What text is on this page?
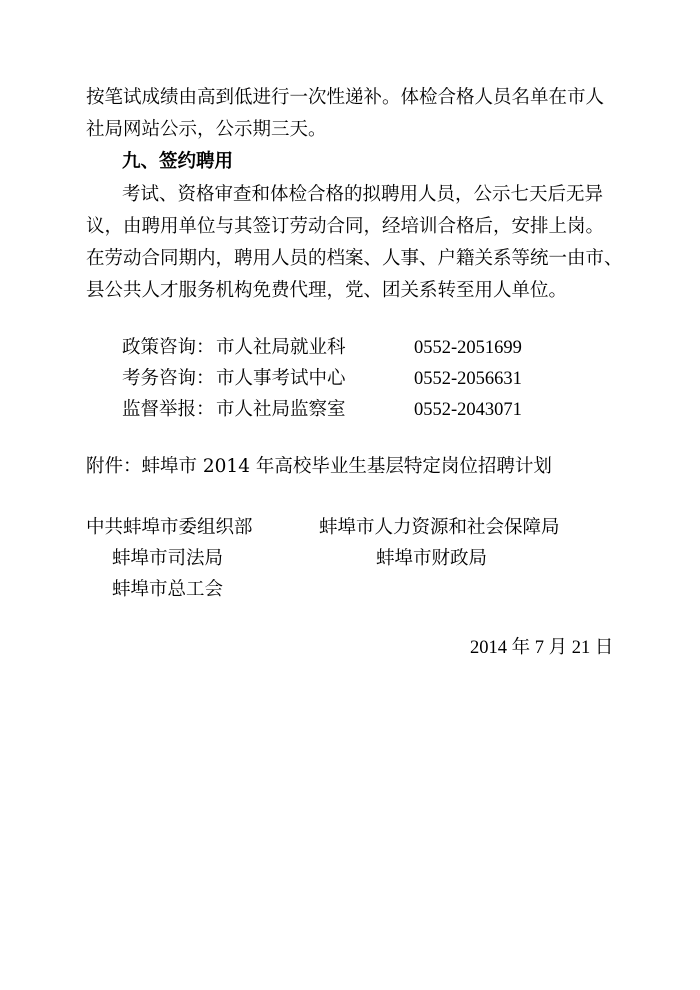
按笔试成绩由高到低进行一次性递补。体检合格人员名单在市人
社局网站公示，公示期三天。
九、签约聘用
考试、资格审查和体检合格的拟聘用人员，公示七天后无异
议，由聘用单位与其签订劳动合同，经培训合格后，安排上岗。
在劳动合同期内，聘用人员的档案、人事、户籍关系等统一由市、
县公共人才服务机构免费代理，党、团关系转至用人单位。
政策咨询： 市人社局就业科	0552-2051699
考务咨询： 市人事考试中心	0552-2056631
监督举报： 市人社局监察室	0552-2043071
附件：蚌埠市 2014 年高校毕业生基层特定岗位招聘计划
中共蚌埠市委组织部	蚌埠市人力资源和社会保障局
蚌埠市司法局	蚌埠市财政局
蚌埠市总工会
2014 年 7 月 21 日
